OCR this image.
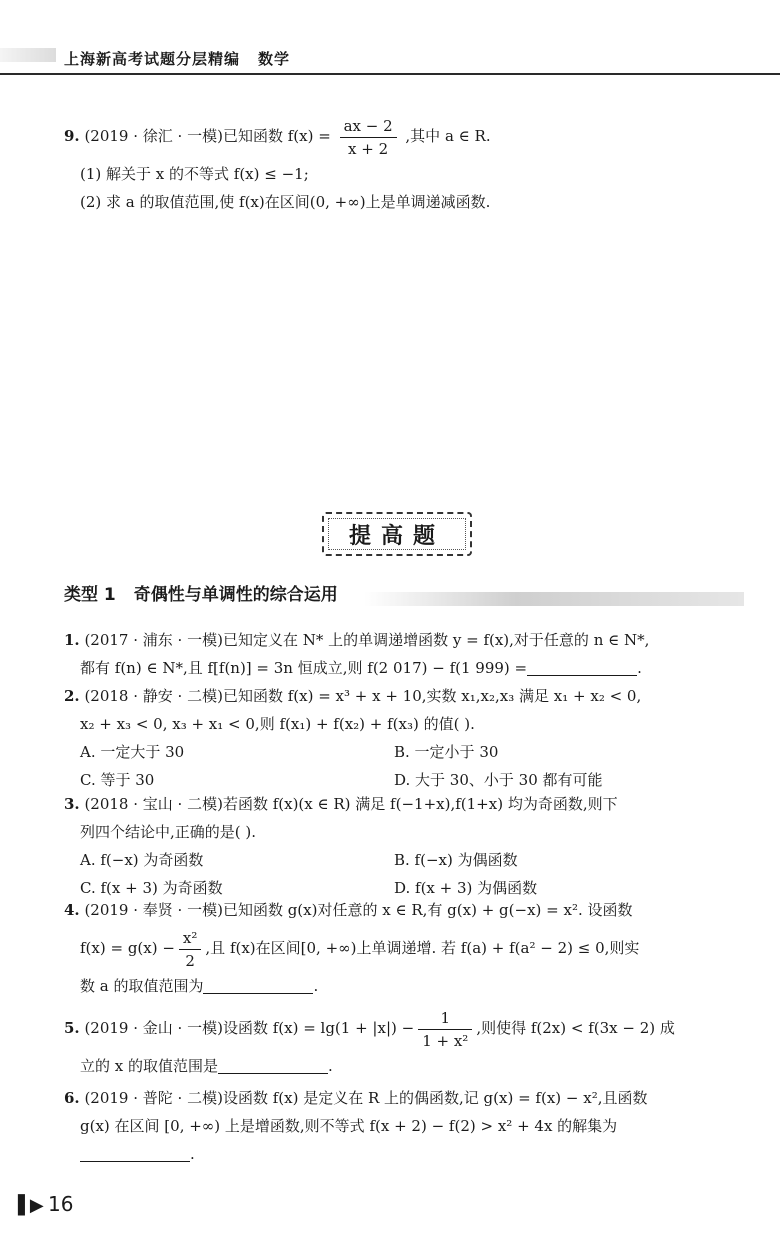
上海新高考试题分层精编 数学
9. (2019 · 徐汇 · 一模)已知函数 $f(x) = \frac{ax - 2}{x + 2}$ ,其中 a ∈ R.
(1) 解关于 x 的不等式 f(x) ≤ −1;
(2) 求 a 的取值范围,使 f(x)在区间(0, +∞)上是单调递减函数.
提高题
类型 1 奇偶性与单调性的综合运用
1. (2017 · 浦东 · 一模)已知定义在 N* 上的单调递增函数 y = f(x),对于任意的 n ∈ N*,
都有 f(n) ∈ N*,且 f[f(n)] = 3n 恒成立,则 f(2 017) − f(1 999) =	.
2. (2018 · 静安 · 二模)已知函数 f(x) = x³ + x + 10,实数 x₁,x₂,x₃ 满足 x₁ + x₂ < 0,
x₂ + x₃ < 0, x₃ + x₁ < 0,则 f(x₁) + f(x₂) + f(x₃) 的值( ).
A. 一定大于 30	B. 一定小于 30
C. 等于 30	D. 大于 30、小于 30 都有可能
3. (2018 · 宝山 · 二模)若函数 f(x)(x ∈ R) 满足 f(−1+x),f(1+x) 均为奇函数,则下
列四个结论中,正确的是( ).
A. f(−x) 为奇函数	B. f(−x) 为偶函数
C. f(x + 3) 为奇函数	D. f(x + 3) 为偶函数
4. (2019 · 奉贤 · 一模)已知函数 g(x)对任意的 x ∈ R,有 g(x) + g(−x) = x². 设函数
$f(x) = g(x) - \frac{\text{x²}}{2}$ ,且 f(x)在区间[0, +∞)上单调递增. 若 f(a) + f(a² − 2) ≤ 0,则实
数 a 的取值范围为	.
5. (2019 · 金山 · 一模)设函数 $f(x) = \lg(1 + |x|) - \frac{1}{\text{1 + x²}}$ ,则使得 f(2x) < f(3x − 2) 成
立的 x 的取值范围是	.
6. (2019 · 普陀 · 二模)设函数 f(x) 是定义在 R 上的偶函数,记 g(x) = f(x) − x²,且函数
g(x) 在区间 [0, +∞) 上是增函数,则不等式 f(x + 2) − f(2) > x² + 4x 的解集为
.
▌▶ 16
